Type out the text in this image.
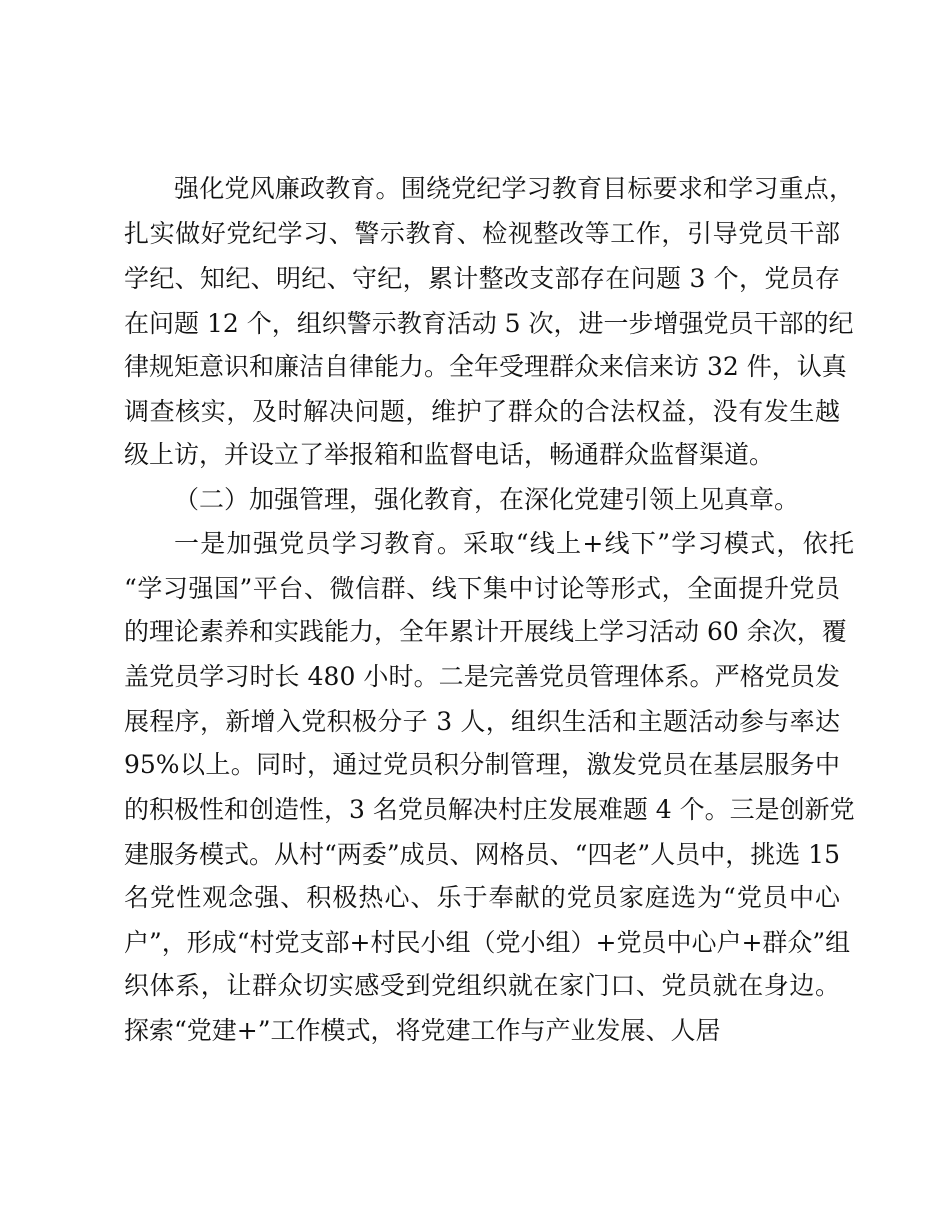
强化党风廉政教育。围绕党纪学习教育目标要求和学习重点，
扎实做好党纪学习、警示教育、检视整改等工作，引导党员干部
学纪、知纪、明纪、守纪，累计整改支部存在问题 3 个，党员存
在问题 12 个，组织警示教育活动 5 次，进一步增强党员干部的纪
律规矩意识和廉洁自律能力。全年受理群众来信来访 32 件，认真
调查核实，及时解决问题，维护了群众的合法权益，没有发生越
级上访，并设立了举报箱和监督电话，畅通群众监督渠道。
（二）加强管理，强化教育，在深化党建引领上见真章。
一是加强党员学习教育。采取“线上+线下”学习模式，依托
“学习强国”平台、微信群、线下集中讨论等形式，全面提升党员
的理论素养和实践能力，全年累计开展线上学习活动 60 余次，覆
盖党员学习时长 480 小时。二是完善党员管理体系。严格党员发
展程序，新增入党积极分子 3 人，组织生活和主题活动参与率达
95%以上。同时，通过党员积分制管理，激发党员在基层服务中
的积极性和创造性，3 名党员解决村庄发展难题 4 个。三是创新党
建服务模式。从村“两委”成员、网格员、“四老”人员中，挑选 15
名党性观念强、积极热心、乐于奉献的党员家庭选为“党员中心
户”，形成“村党支部+村民小组（党小组）+党员中心户+群众”组
织体系，让群众切实感受到党组织就在家门口、党员就在身边。
探索“党建+”工作模式，将党建工作与产业发展、人居
